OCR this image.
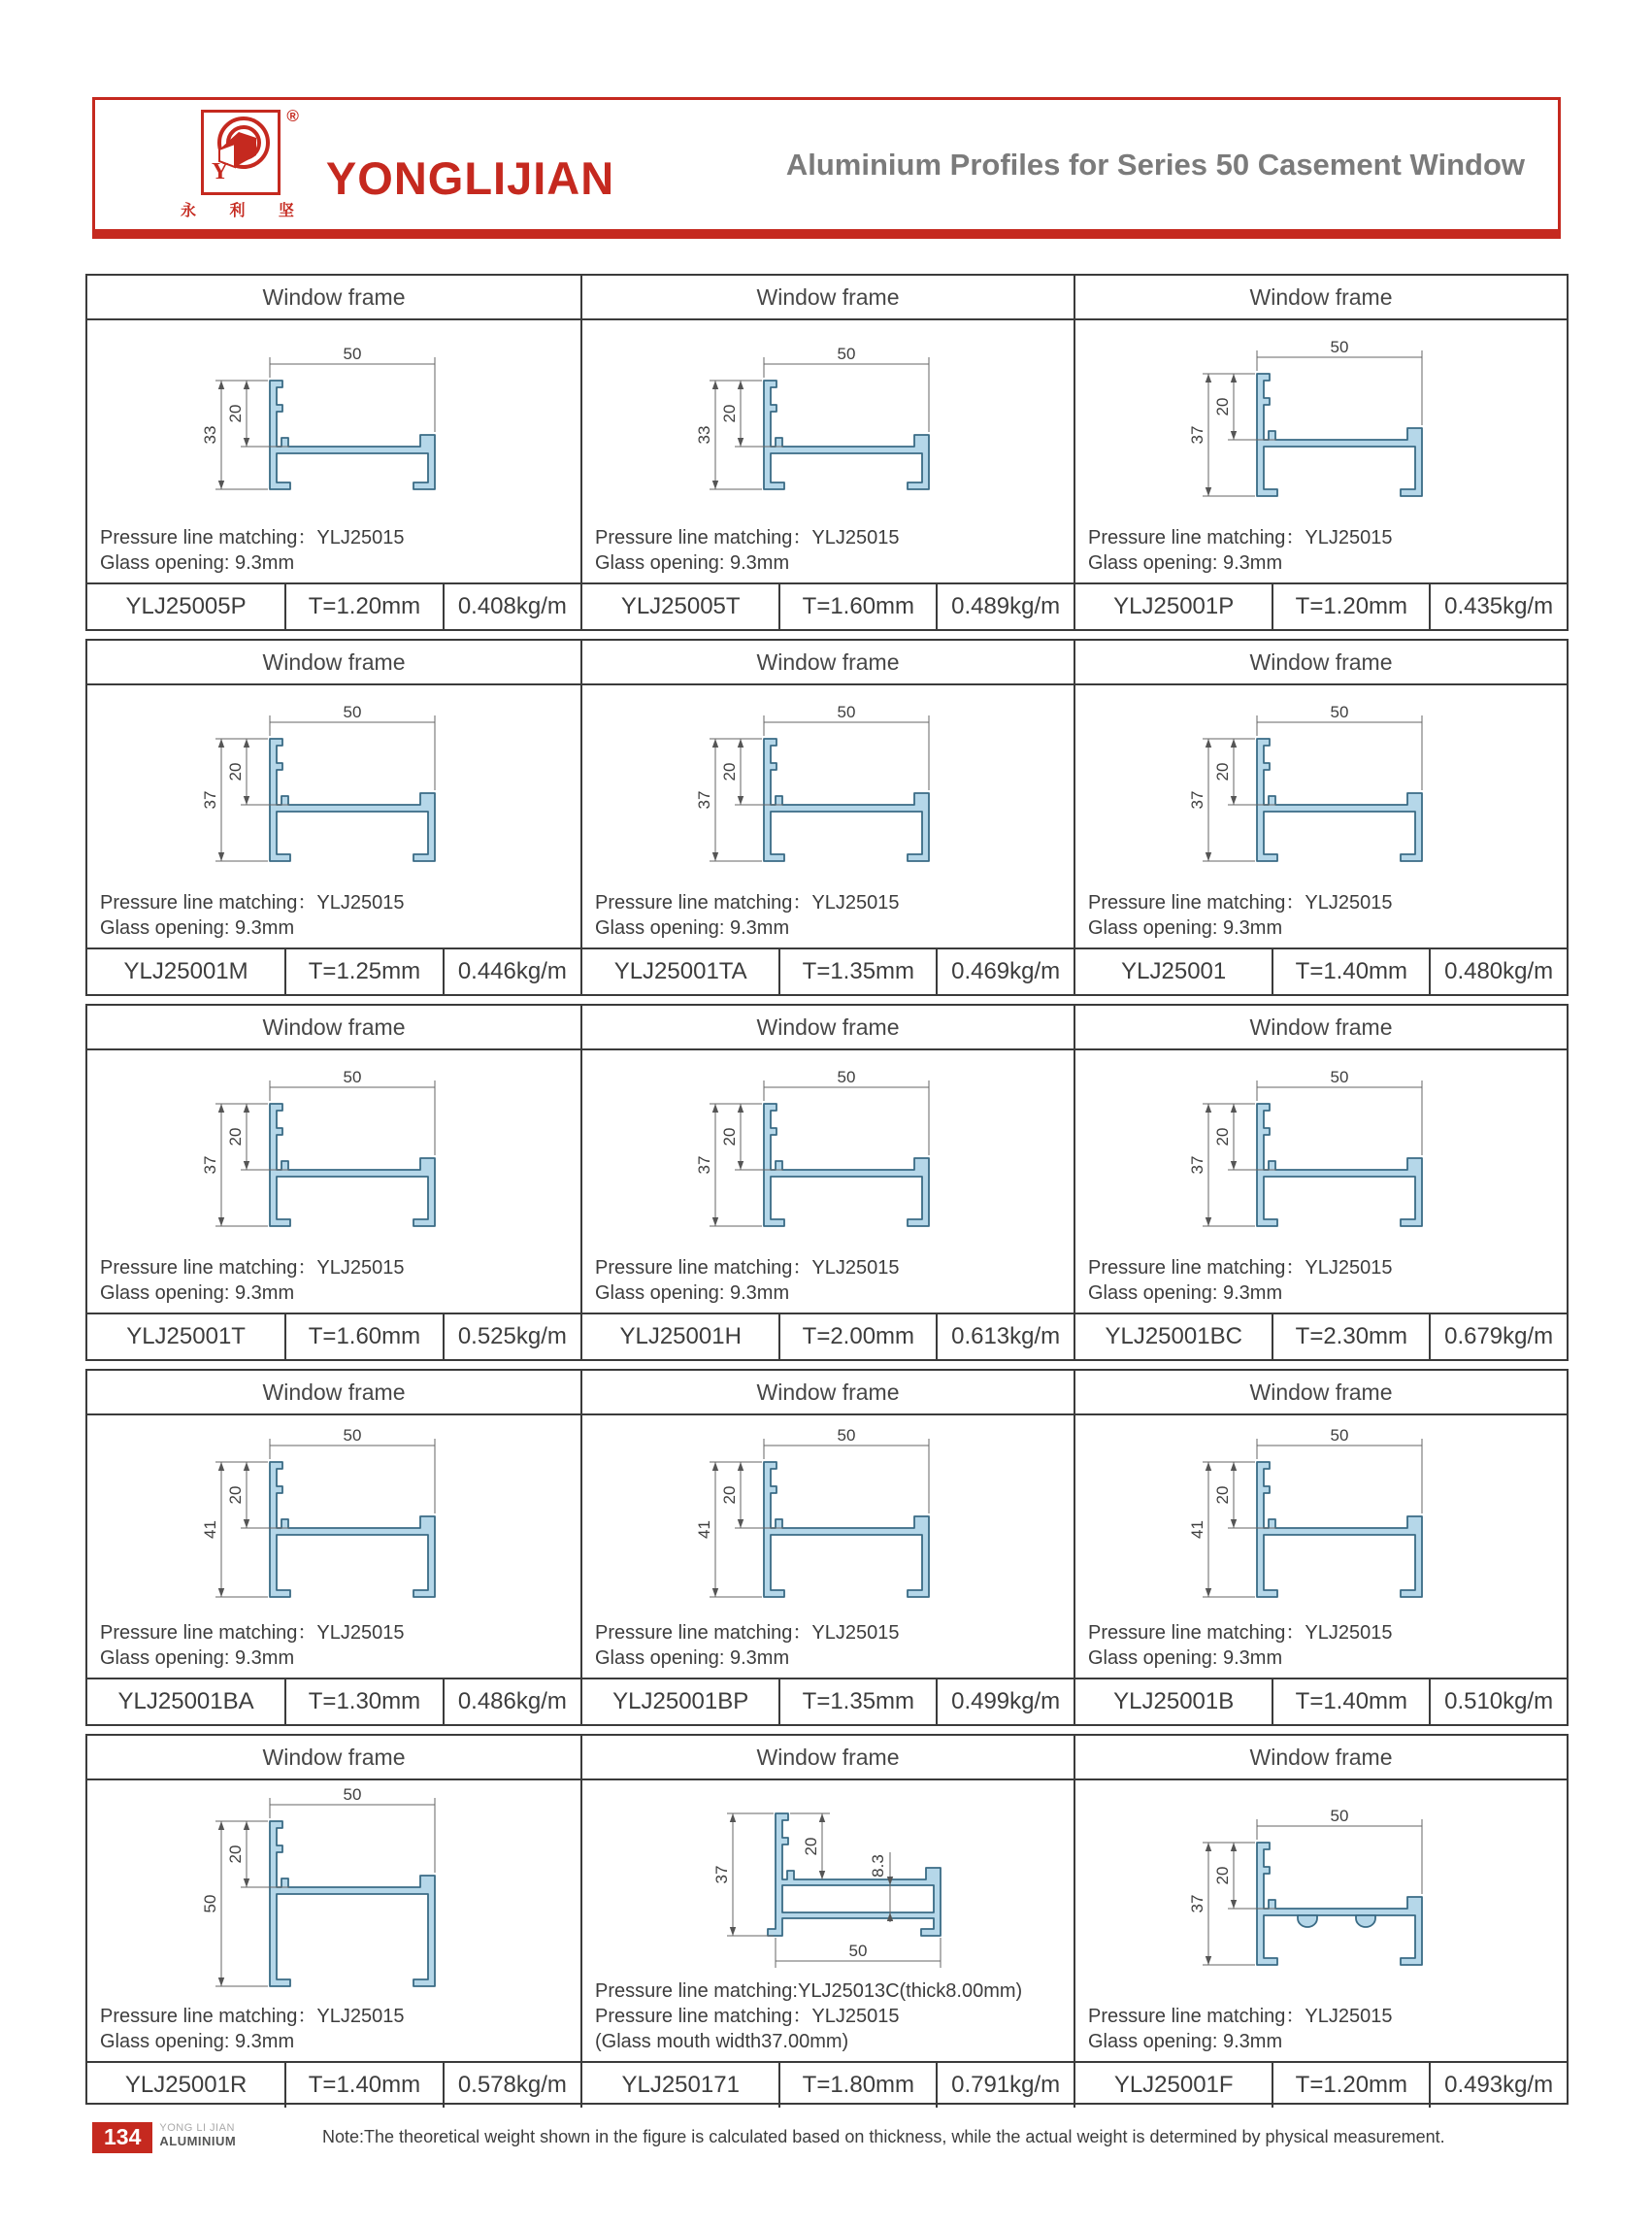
Y
®
永 利 坚
YONGLIJIAN	Aluminium Profiles for Series 50 Casement Window
Window frame
50
33
20
Pressure line matching：YLJ25015
Glass opening: 9.3mm
YLJ25005P	T=1.20mm	0.408kg/m
Window frame
50
33
20
Pressure line matching：YLJ25015
Glass opening: 9.3mm
YLJ25005T	T=1.60mm	0.489kg/m
Window frame
50
37
20
Pressure line matching：YLJ25015
Glass opening: 9.3mm
YLJ25001P	T=1.20mm	0.435kg/m
Window frame
50
37
20
Pressure line matching：YLJ25015
Glass opening: 9.3mm
YLJ25001M	T=1.25mm	0.446kg/m
Window frame
50
37
20
Pressure line matching：YLJ25015
Glass opening: 9.3mm
YLJ25001TA	T=1.35mm	0.469kg/m
Window frame
50
37
20
Pressure line matching：YLJ25015
Glass opening: 9.3mm
YLJ25001	T=1.40mm	0.480kg/m
Window frame
50
37
20
Pressure line matching：YLJ25015
Glass opening: 9.3mm
YLJ25001T	T=1.60mm	0.525kg/m
Window frame
50
37
20
Pressure line matching：YLJ25015
Glass opening: 9.3mm
YLJ25001H	T=2.00mm	0.613kg/m
Window frame
50
37
20
Pressure line matching：YLJ25015
Glass opening: 9.3mm
YLJ25001BC	T=2.30mm	0.679kg/m
Window frame
50
41
20
Pressure line matching：YLJ25015
Glass opening: 9.3mm
YLJ25001BA	T=1.30mm	0.486kg/m
Window frame
50
41
20
Pressure line matching：YLJ25015
Glass opening: 9.3mm
YLJ25001BP	T=1.35mm	0.499kg/m
Window frame
50
41
20
Pressure line matching：YLJ25015
Glass opening: 9.3mm
YLJ25001B	T=1.40mm	0.510kg/m
Window frame
50
50
20
Pressure line matching：YLJ25015
Glass opening: 9.3mm
YLJ25001R	T=1.40mm	0.578kg/m
Window frame
37
20
8.3
50
Pressure line matching:YLJ25013C(thick8.00mm)
Pressure line matching：YLJ25015
(Glass mouth width37.00mm)
YLJ250171	T=1.80mm	0.791kg/m
Window frame
50
37
20
Pressure line matching：YLJ25015
Glass opening: 9.3mm
YLJ25001F	T=1.20mm	0.493kg/m
134	YONG LI JIAN
ALUMINIUM	Note:The theoretical weight shown in the figure is calculated based on thickness, while the actual weight is determined by physical measurement.
